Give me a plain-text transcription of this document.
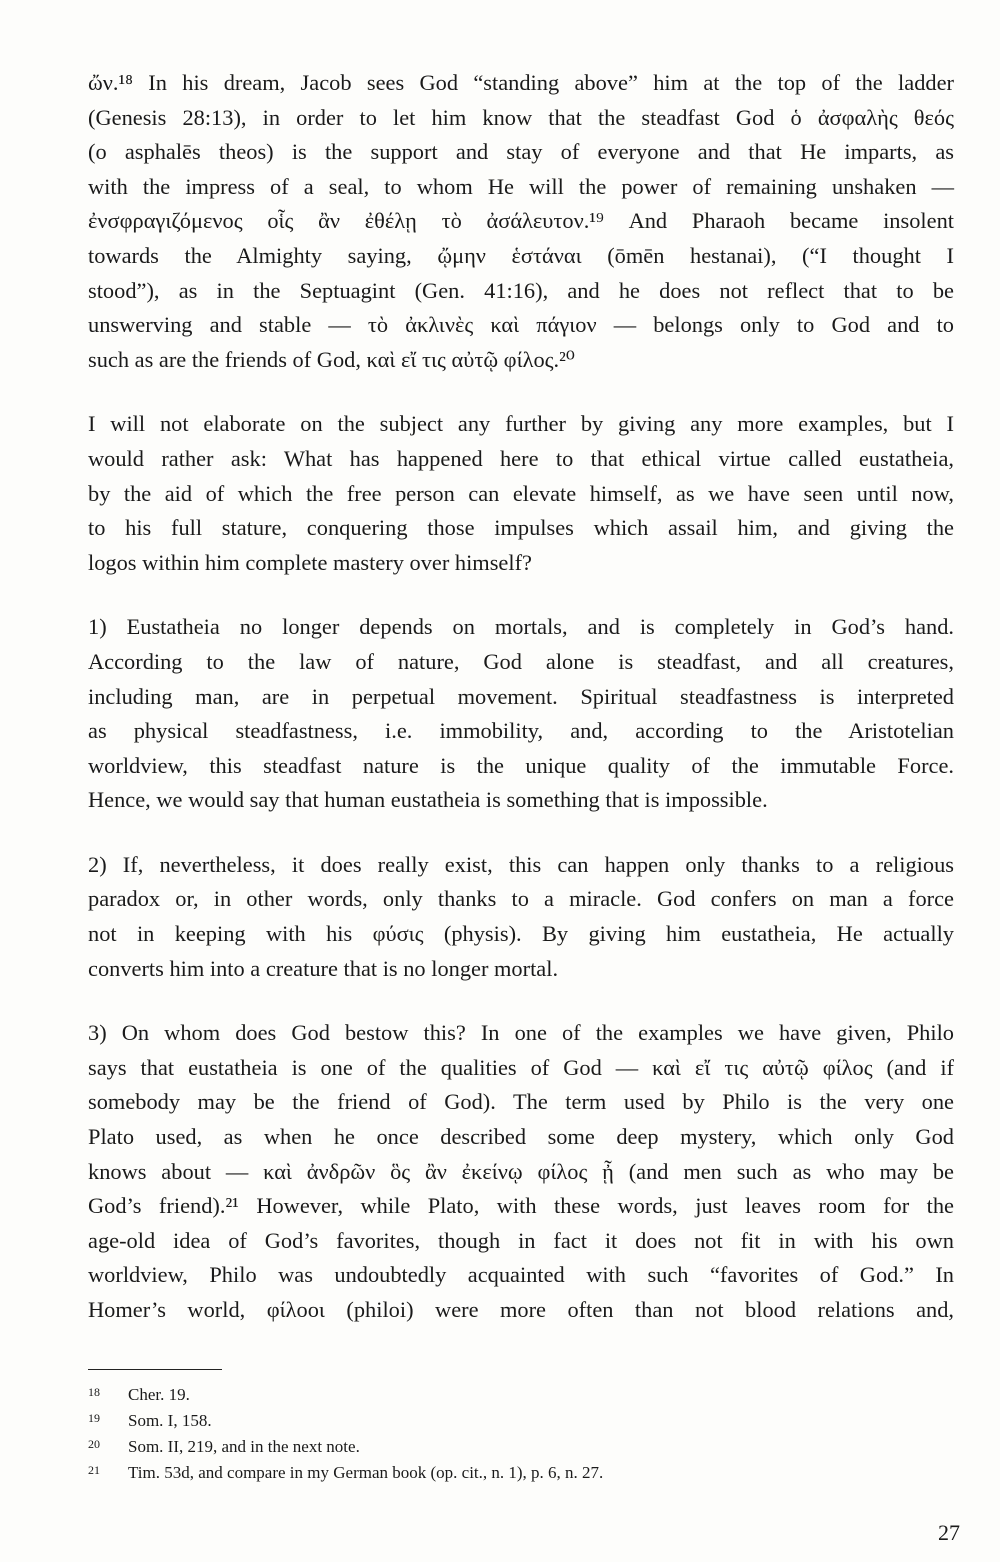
ὤν.¹⁸ In his dream, Jacob sees God “standing above” him at the top of the ladder
(Genesis 28:13), in order to let him know that the steadfast God ὁ ἀσφαλὴς θεός
(o asphalēs theos) is the support and stay of everyone and that He imparts, as
with the impress of a seal, to whom He will the power of remaining unshaken —
ἐνσφραγιζόμενος οἷς ἂν ἐθέλῃ τὸ ἀσάλευτον.¹⁹ And Pharaoh became insolent
towards the Almighty saying, ᾤμην ἑστάναι (ōmēn hestanai), (“I thought I
stood”), as in the Septuagint (Gen. 41:16), and he does not reflect that to be
unswerving and stable — τὸ ἀκλινὲς καὶ πάγιον — belongs only to God and to
such as are the friends of God, καὶ εἴ τις αὐτῷ φίλος.²⁰
I will not elaborate on the subject any further by giving any more examples, but I
would rather ask: What has happened here to that ethical virtue called eustatheia,
by the aid of which the free person can elevate himself, as we have seen until now,
to his full stature, conquering those impulses which assail him, and giving the
logos within him complete mastery over himself?
1) Eustatheia no longer depends on mortals, and is completely in God’s hand.
According to the law of nature, God alone is steadfast, and all creatures,
including man, are in perpetual movement. Spiritual steadfastness is interpreted
as physical steadfastness, i.e. immobility, and, according to the Aristotelian
worldview, this steadfast nature is the unique quality of the immutable Force.
Hence, we would say that human eustatheia is something that is impossible.
2) If, nevertheless, it does really exist, this can happen only thanks to a religious
paradox or, in other words, only thanks to a miracle. God confers on man a force
not in keeping with his φύσις (physis). By giving him eustatheia, He actually
converts him into a creature that is no longer mortal.
3) On whom does God bestow this? In one of the examples we have given, Philo
says that eustatheia is one of the qualities of God — καὶ εἴ τις αὐτῷ φίλος (and if
somebody may be the friend of God). The term used by Philo is the very one
Plato used, as when he once described some deep mystery, which only God
knows about — καὶ ἀνδρῶν ὃς ἂν ἐκείνῳ φίλος ᾖ (and men such as who may be
God’s friend).²¹ However, while Plato, with these words, just leaves room for the
age-old idea of God’s favorites, though in fact it does not fit in with his own
worldview, Philo was undoubtedly acquainted with such “favorites of God.” In
Homer’s world, φίλοοι (philoi) were more often than not blood relations and,
18	Cher. 19.
19	Som. I, 158.
20	Som. II, 219, and in the next note.
21	Tim. 53d, and compare in my German book (op. cit., n. 1), p. 6, n. 27.
27
